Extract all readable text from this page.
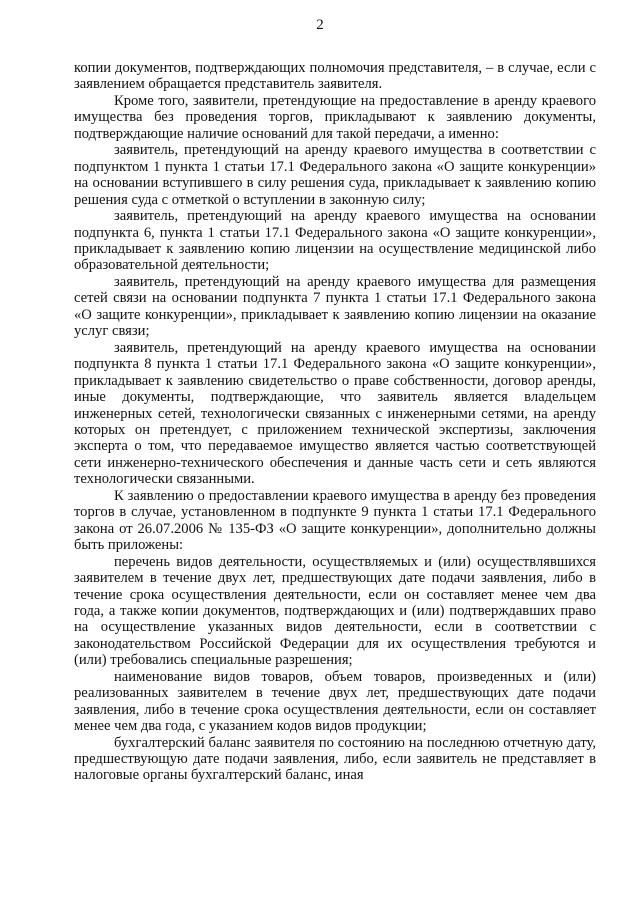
2

копии документов, подтверждающих полномочия представителя, – в случае, если с заявлением обращается представитель заявителя.

Кроме того, заявители, претендующие на предоставление в аренду краевого имущества без проведения торгов, прикладывают к заявлению документы, подтверждающие наличие оснований для такой передачи, а именно:

заявитель, претендующий на аренду краевого имущества в соответствии с подпунктом 1 пункта 1 статьи 17.1 Федерального закона «О защите конкуренции» на основании вступившего в силу решения суда, прикладывает к заявлению копию решения суда с отметкой о вступлении в законную силу;

заявитель, претендующий на аренду краевого имущества на основании подпункта 6, пункта 1 статьи 17.1 Федерального закона «О защите конкуренции», прикладывает к заявлению копию лицензии на осуществление медицинской либо образовательной деятельности;

заявитель, претендующий на аренду краевого имущества для размещения сетей связи на основании подпункта 7 пункта 1 статьи 17.1 Федерального закона «О защите конкуренции», прикладывает к заявлению копию лицензии на оказание услуг связи;

заявитель, претендующий на аренду краевого имущества на основании подпункта 8 пункта 1 статьи 17.1 Федерального закона «О защите конкуренции», прикладывает к заявлению свидетельство о праве собственности, договор аренды, иные документы, подтверждающие, что заявитель является владельцем инженерных сетей, технологически связанных с инженерными сетями, на аренду которых он претендует, с приложением технической экспертизы, заключения эксперта о том, что передаваемое имущество является частью соответствующей сети инженерно-технического обеспечения и данные часть сети и сеть являются технологически связанными.

К заявлению о предоставлении краевого имущества в аренду без проведения торгов в случае, установленном в подпункте 9 пункта 1 статьи 17.1 Федерального закона от 26.07.2006 № 135-ФЗ «О защите конкуренции», дополнительно должны быть приложены:

перечень видов деятельности, осуществляемых и (или) осуществлявшихся заявителем в течение двух лет, предшествующих дате подачи заявления, либо в течение срока осуществления деятельности, если он составляет менее чем два года, а также копии документов, подтверждающих и (или) подтверждавших право на осуществление указанных видов деятельности, если в соответствии с законодательством Российской Федерации для их осуществления требуются и (или) требовались специальные разрешения;

наименование видов товаров, объем товаров, произведенных и (или) реализованных заявителем в течение двух лет, предшествующих дате подачи заявления, либо в течение срока осуществления деятельности, если он составляет менее чем два года, с указанием кодов видов продукции;

бухгалтерский баланс заявителя по состоянию на последнюю отчетную дату, предшествующую дате подачи заявления, либо, если заявитель не представляет в налоговые органы бухгалтерский баланс, иная
